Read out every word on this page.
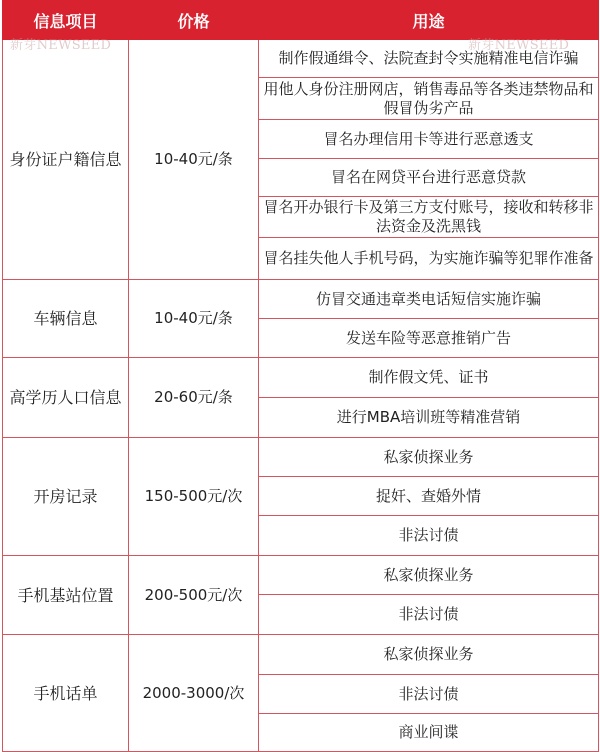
信息项目	价格	用途
身份证户籍信息	10-40元/条	制作假通缉令、法院查封令实施精准电信诈骗
		用他人身份注册网店，销售毒品等各类违禁物品和假冒伪劣产品
		冒名办理信用卡等进行恶意透支
		冒名在网贷平台进行恶意贷款
		冒名开办银行卡及第三方支付账号，接收和转移非法资金及洗黑钱
		冒名挂失他人手机号码，为实施诈骗等犯罪作准备
车辆信息	10-40元/条	仿冒交通违章类电话短信实施诈骗
		发送车险等恶意推销广告
高学历人口信息	20-60元/条	制作假文凭、证书
		进行MBA培训班等精准营销
开房记录	150-500元/次	私家侦探业务
		捉奸、查婚外情
		非法讨债
手机基站位置	200-500元/次	私家侦探业务
		非法讨债
手机话单	2000-3000/次	私家侦探业务
		非法讨债
		商业间谍
新芽NEWSEED	新芽NEWSEED
